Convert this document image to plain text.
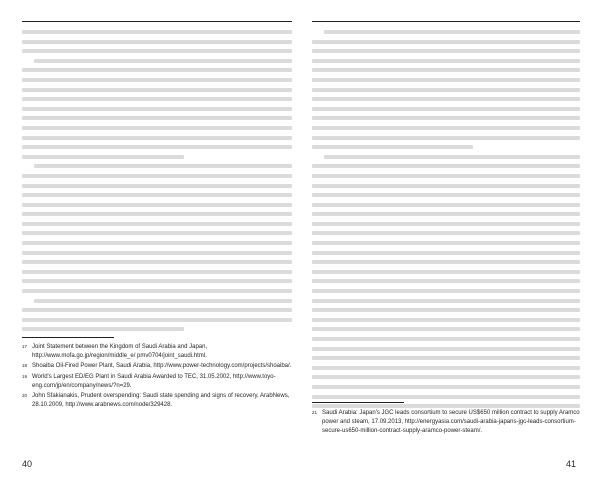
17 Joint Statement between the Kingdom of Saudi Arabia and Japan, http://www.mofa.go.jp/region/middle_e/ pmv0704/joint_saudi.html.
18 Shoaiba Oil-Fired Power Plant, Saudi Arabia, http://www.power-technology.com/projects/shoaiba/.
19 World's Largest ED/EG Plant in Saudi Arabia Awarded to TEC, 31.05.2002, http://www.toyo-eng.com/jp/en/company/news/?n=29.
20 John Sfakianakis, Prudent overspending: Saudi state spending and signs of recovery, ArabNews, 28.10.2009, http://www.arabnews.com/node/329428.
21 Saudi Arabia: Japan's JGC leads consortium to secure US$650 million contract to supply Aramco power and steam, 17.09.2013, http://energyasia.com/saudi-arabia-japans-jgc-leads-consortium-secure-us650-million-contract-supply-aramco-power-steam/.
40	41
